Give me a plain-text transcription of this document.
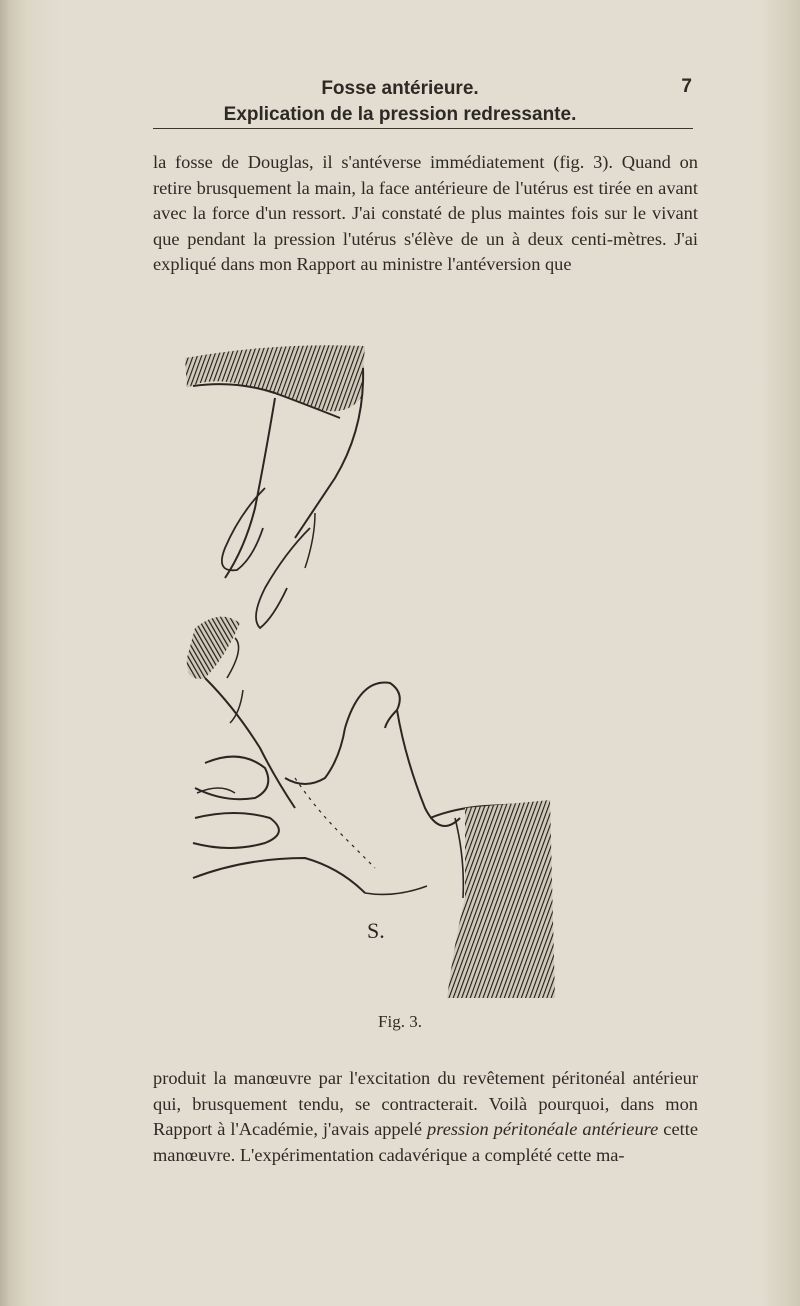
Fosse antérieure.
Explication de la pression redressante.
7
la fosse de Douglas, il s'antéverse immédiatement (fig. 3). Quand on retire brusquement la main, la face antérieure de l'utérus est tirée en avant avec la force d'un ressort. J'ai constaté de plus maintes fois sur le vivant que pendant la pression l'utérus s'élève de un à deux centi-mètres. J'ai expliqué dans mon Rapport au ministre l'antéversion que
S.
Fig. 3.
produit la manœuvre par l'excitation du revêtement péritonéal antérieur qui, brusquement tendu, se contracterait. Voilà pourquoi, dans mon Rapport à l'Académie, j'avais appelé pression péritonéale antérieure cette manœuvre. L'expérimentation cadavérique a complété cette ma-
